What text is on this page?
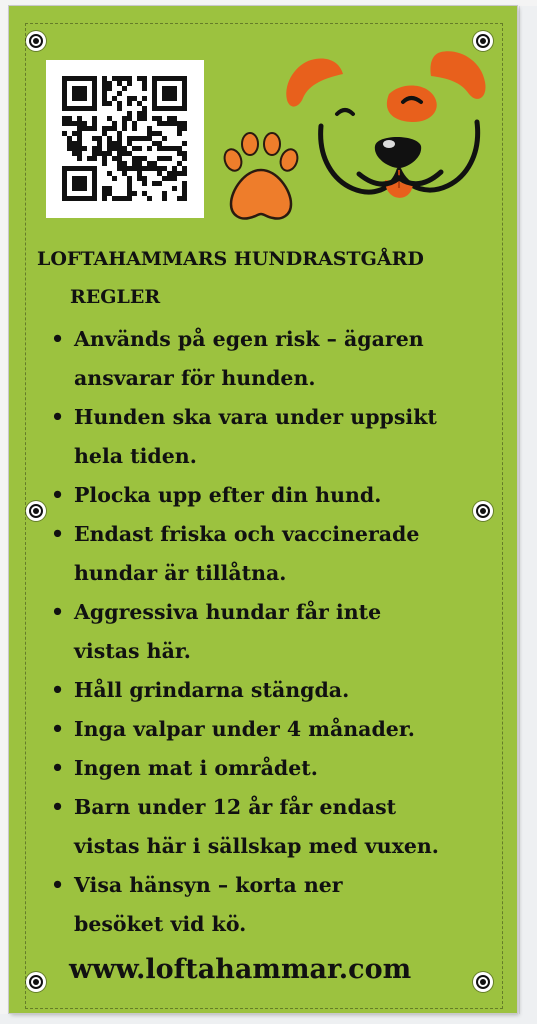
LOFTAHAMMARS HUNDRASTGÅRD
REGLER
• Används på egen risk – ägaren
ansvarar för hunden.
• Hunden ska vara under uppsikt
hela tiden.
• Plocka upp efter din hund.
• Endast friska och vaccinerade
hundar är tillåtna.
• Aggressiva hundar får inte
vistas här.
• Håll grindarna stängda.
• Inga valpar under 4 månader.
• Ingen mat i området.
• Barn under 12 år får endast
vistas här i sällskap med vuxen.
• Visa hänsyn – korta ner
besöket vid kö.

www.loftahammar.com
